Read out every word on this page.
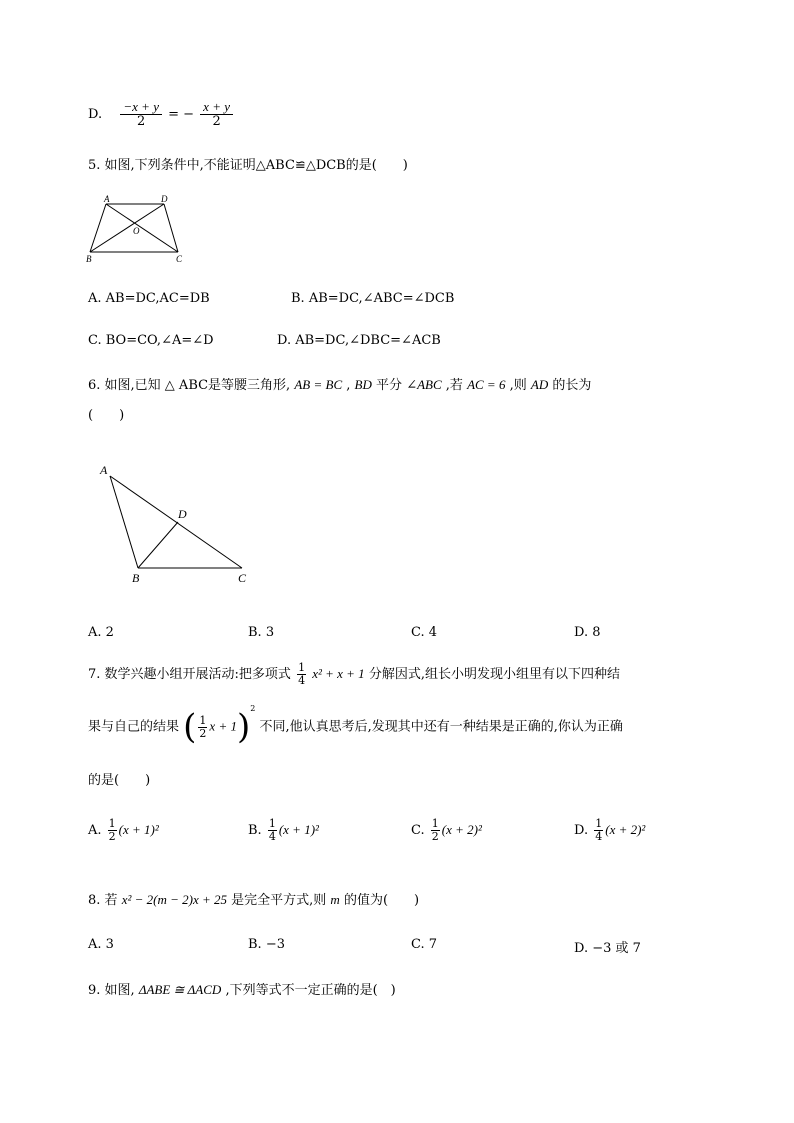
D. $\frac{-x + y}{2}$ = − $\frac{x + y}{2}$
5. 如图,下列条件中,不能证明△ABC≌△DCB的是(　　)
A	D
O
B	C
A. AB=DC,AC=DB	B. AB=DC,∠ABC=∠DCB
C. BO=CO,∠A=∠D	D. AB=DC,∠DBC=∠ACB
6. 如图,已知 △ ABC是等腰三角形, AB = BC , BD 平分 ∠ABC ,若 AC = 6 ,则 AD 的长为
(　　)
A
D
B	C
A. 2	B. 3	C. 4	D. 8
7. 数学兴趣小组开展活动:把多项式 $\frac{1}{4} x^2 + x + 1$ 分解因式,组长小明发现小组里有以下四种结
果与自己的结果 ( $\frac{1}{2}$ x + 1)$^2$ 不同,他认真思考后,发现其中还有一种结果是正确的,你认为正确
的是(　　)
A. $\frac{1}{2} (x + 1)^2$	B. $\frac{1}{4} (x + 1)^2$	C. $\frac{1}{2} (x + 2)^2$	D. $\frac{1}{4} (x + 2)^2$
8. 若 x² − 2(m − 2)x + 25 是完全平方式,则 m 的值为(　　)
A. 3	B. −3	C. 7	D. −3 或 7
9. 如图, ΔABE ≅ ΔACD ,下列等式不一定正确的是(　)
